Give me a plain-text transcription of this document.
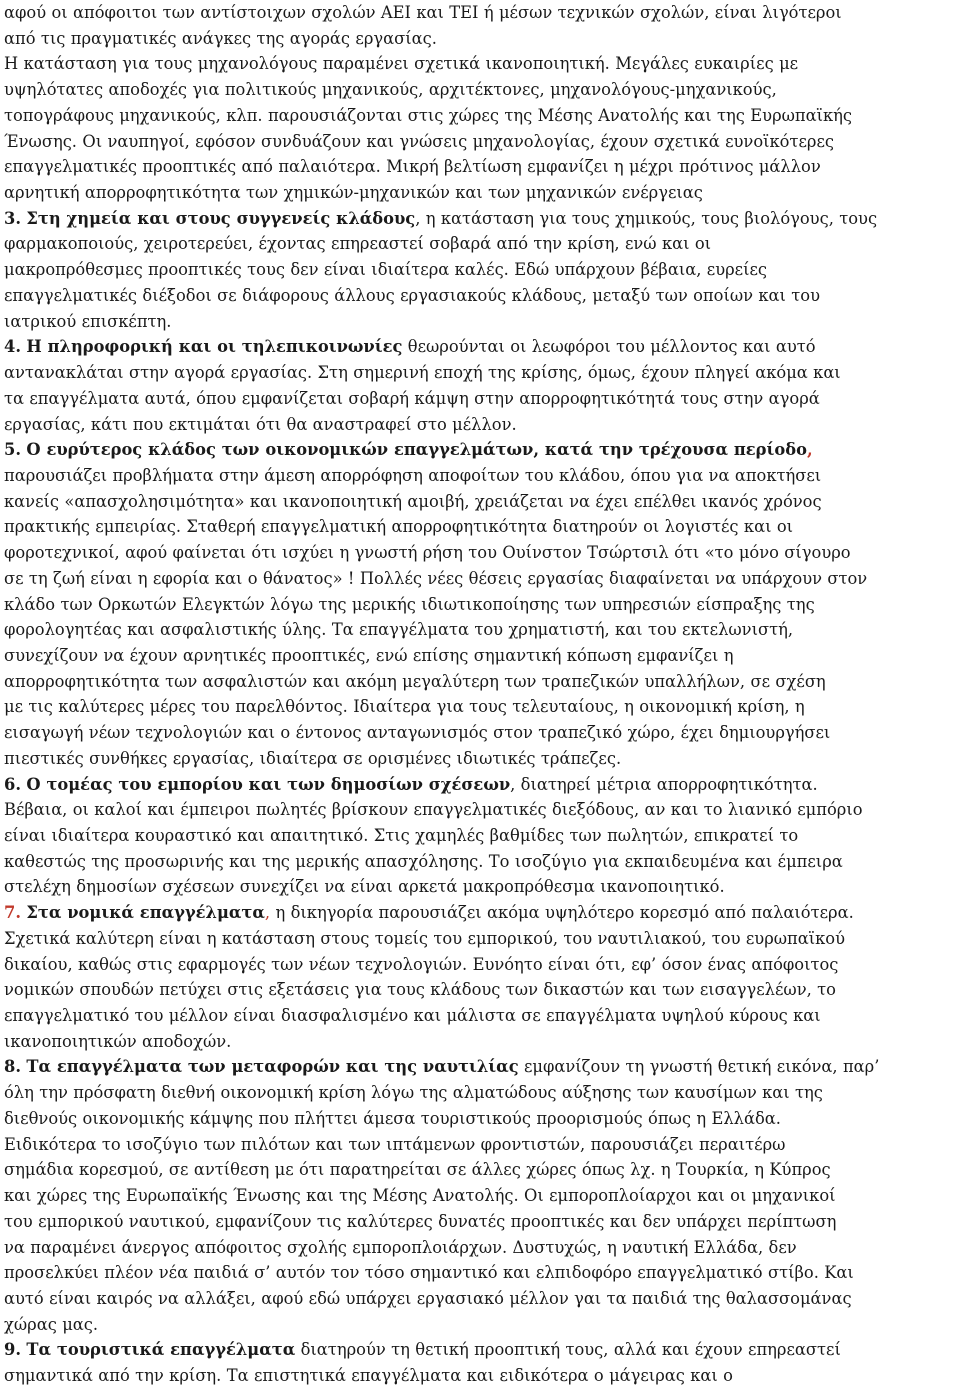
αφού οι απόφοιτοι των αντίστοιχων σχολών ΑΕΙ και ΤΕΙ ή μέσων τεχνικών σχολών, είναι λιγότεροι

από τις πραγματικές ανάγκες της αγοράς εργασίας.

Η κατάσταση για τους μηχανολόγους παραμένει σχετικά ικανοποιητική. Μεγάλες ευκαιρίες με

υψηλότατες αποδοχές για πολιτικούς μηχανικούς, αρχιτέκτονες, μηχανολόγους-μηχανικούς,

τοπογράφους μηχανικούς, κλπ. παρουσιάζονται στις χώρες της Μέσης Ανατολής και της Ευρωπαϊκής

Ένωσης. Οι ναυπηγοί, εφόσον συνδυάζουν και γνώσεις μηχανολογίας, έχουν σχετικά ευνοϊκότερες

επαγγελματικές προοπτικές από παλαιότερα. Μικρή βελτίωση εμφανίζει η μέχρι πρότινος μάλλον

αρνητική απορροφητικότητα των χημικών-μηχανικών και των μηχανικών ενέργειας

3. Στη χημεία και στους συγγενείς κλάδους, η κατάσταση για τους χημικούς, τους βιολόγους, τους

φαρμακοποιούς, χειροτερεύει, έχοντας επηρεαστεί σοβαρά από την κρίση, ενώ και οι

μακροπρόθεσμες προοπτικές τους δεν είναι ιδιαίτερα καλές. Εδώ υπάρχουν βέβαια, ευρείες

επαγγελματικές διέξοδοι σε διάφορους άλλους εργασιακούς κλάδους, μεταξύ των οποίων και του

ιατρικού επισκέπτη.

4. Η πληροφορική και οι τηλεπικοινωνίες θεωρούνται οι λεωφόροι του μέλλοντος και αυτό

αντανακλάται στην αγορά εργασίας. Στη σημερινή εποχή της κρίσης, όμως, έχουν πληγεί ακόμα και

τα επαγγέλματα αυτά, όπου εμφανίζεται σοβαρή κάμψη στην απορροφητικότητά τους στην αγορά

εργασίας, κάτι που εκτιμάται ότι θα αναστραφεί στο μέλλον.

5. Ο ευρύτερος κλάδος των οικονομικών επαγγελμάτων, κατά την τρέχουσα περίοδο,

παρουσιάζει προβλήματα στην άμεση απορρόφηση αποφοίτων του κλάδου, όπου για να αποκτήσει

κανείς «απασχολησιμότητα» και ικανοποιητική αμοιβή, χρειάζεται να έχει επέλθει ικανός χρόνος

πρακτικής εμπειρίας. Σταθερή επαγγελματική απορροφητικότητα διατηρούν οι λογιστές και οι

φοροτεχνικοί, αφού φαίνεται ότι ισχύει η γνωστή ρήση του Ουίνστον Τσώρτσιλ ότι «το μόνο σίγουρο

σε τη ζωή είναι η εφορία και ο θάνατος» ! Πολλές νέες θέσεις εργασίας διαφαίνεται να υπάρχουν στον

κλάδο των Ορκωτών Ελεγκτών λόγω της μερικής ιδιωτικοποίησης των υπηρεσιών είσπραξης της

φορολογητέας και ασφαλιστικής ύλης. Τα επαγγέλματα του χρηματιστή, και του εκτελωνιστή,

συνεχίζουν να έχουν αρνητικές προοπτικές, ενώ επίσης σημαντική κόπωση εμφανίζει η

απορροφητικότητα των ασφαλιστών και ακόμη μεγαλύτερη των τραπεζικών υπαλλήλων, σε σχέση

με τις καλύτερες μέρες του παρελθόντος. Ιδιαίτερα για τους τελευταίους, η οικονομική κρίση, η

εισαγωγή νέων τεχνολογιών και ο έντονος ανταγωνισμός στον τραπεζικό χώρο, έχει δημιουργήσει

πιεστικές συνθήκες εργασίας, ιδιαίτερα σε ορισμένες ιδιωτικές τράπεζες.

6. Ο τομέας του εμπορίου και των δημοσίων σχέσεων, διατηρεί μέτρια απορροφητικότητα.

Βέβαια, οι καλοί και έμπειροι πωλητές βρίσκουν επαγγελματικές διεξόδους, αν και το λιανικό εμπόριο

είναι ιδιαίτερα κουραστικό και απαιτητικό. Στις χαμηλές βαθμίδες των πωλητών, επικρατεί το

καθεστώς της προσωρινής και της μερικής απασχόλησης. Το ισοζύγιο για εκπαιδευμένα και έμπειρα

στελέχη δημοσίων σχέσεων συνεχίζει να είναι αρκετά μακροπρόθεσμα ικανοποιητικό.

7. Στα νομικά επαγγέλματα, η δικηγορία παρουσιάζει ακόμα υψηλότερο κορεσμό από παλαιότερα.

Σχετικά καλύτερη είναι η κατάσταση στους τομείς του εμπορικού, του ναυτιλιακού, του ευρωπαϊκού

δικαίου, καθώς στις εφαρμογές των νέων τεχνολογιών. Ευνόητο είναι ότι, εφ’ όσον ένας απόφοιτος

νομικών σπουδών πετύχει στις εξετάσεις για τους κλάδους των δικαστών και των εισαγγελέων, το

επαγγελματικό του μέλλον είναι διασφαλισμένο και μάλιστα σε επαγγέλματα υψηλού κύρους και

ικανοποιητικών αποδοχών.

8. Τα επαγγέλματα των μεταφορών και της ναυτιλίας εμφανίζουν τη γνωστή θετική εικόνα, παρ’

όλη την πρόσφατη διεθνή οικονομική κρίση λόγω της αλματώδους αύξησης των καυσίμων και της

διεθνούς οικονομικής κάμψης που πλήττει άμεσα τουριστικούς προορισμούς όπως η Ελλάδα.

Ειδικότερα το ισοζύγιο των πιλότων και των ιπτάμενων φροντιστών, παρουσιάζει περαιτέρω

σημάδια κορεσμού, σε αντίθεση με ότι παρατηρείται σε άλλες χώρες όπως λχ. η Τουρκία, η Κύπρος

και χώρες της Ευρωπαϊκής Ένωσης και της Μέσης Ανατολής. Οι εμποροπλοίαρχοι και οι μηχανικοί

του εμπορικού ναυτικού, εμφανίζουν τις καλύτερες δυνατές προοπτικές και δεν υπάρχει περίπτωση

να παραμένει άνεργος απόφοιτος σχολής εμποροπλοιάρχων. Δυστυχώς, η ναυτική Ελλάδα, δεν

προσελκύει πλέον νέα παιδιά σ’ αυτόν τον τόσο σημαντικό και ελπιδοφόρο επαγγελματικό στίβο. Και

αυτό είναι καιρός να αλλάξει, αφού εδώ υπάρχει εργασιακό μέλλον γαι τα παιδιά της θαλασσομάνας

χώρας μας.

9. Τα τουριστικά επαγγέλματα διατηρούν τη θετική προοπτική τους, αλλά και έχουν επηρεαστεί

σημαντικά από την κρίση. Τα επιστητικά επαγγέλματα και ειδικότερα ο μάγειρας και ο
